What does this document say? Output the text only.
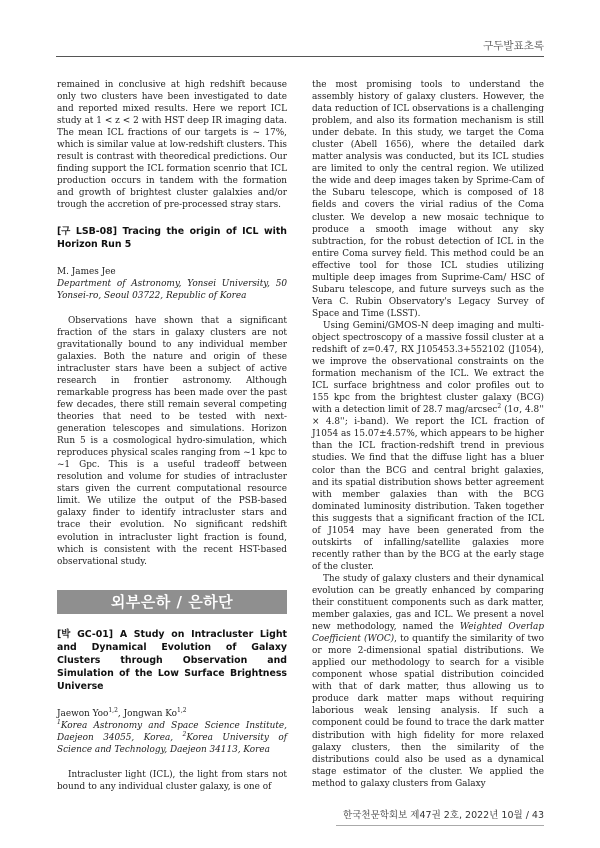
구두발표초록

remained in conclusive at high redshift because only two clusters have been investigated to date and reported mixed results. Here we report ICL study at 1 < z < 2 with HST deep IR imaging data. The mean ICL fractions of our targets is ~ 17%, which is similar value at low-redshift clusters. This result is contrast with theoredical predictions. Our finding support the ICL formation scenrio that ICL production occurs in tandem with the formation and growth of brightest cluster galalxies and/or trough the accretion of pre-processed stray stars.

[구 LSB-08] Tracing the origin of ICL with Horizon Run 5

M. James Jee

Department of Astronomy, Yonsei University, 50 Yonsei-ro, Seoul 03722, Republic of Korea

Observations have shown that a significant fraction of the stars in galaxy clusters are not gravitationally bound to any individual member galaxies. Both the nature and origin of these intracluster stars have been a subject of active research in frontier astronomy. Although remarkable progress has been made over the past few decades, there still remain several competing theories that need to be tested with next-generation telescopes and simulations. Horizon Run 5 is a cosmological hydro-simulation, which reproduces physical scales ranging from ~1 kpc to ~1 Gpc. This is a useful tradeoff between resolution and volume for studies of intracluster stars given the current computational resource limit. We utilize the output of the PSB-based galaxy finder to identify intracluster stars and trace their evolution. No significant redshift evolution in intracluster light fraction is found, which is consistent with the recent HST-based observational study.

외부은하 / 은하단

[박 GC-01] A Study on Intracluster Light and Dynamical Evolution of Galaxy Clusters through Observation and Simulation of the Low Surface Brightness Universe

Jaewon Yoo$^{1,2}$, Jongwan Ko$^{1,2}$

$^1$Korea Astronomy and Space Science Institute, Daejeon 34055, Korea, $^2$Korea University of Science and Technology, Daejeon 34113, Korea

Intracluster light (ICL), the light from stars not bound to any individual cluster galaxy, is one of

the most promising tools to understand the assembly history of galaxy clusters. However, the data reduction of ICL observations is a challenging problem, and also its formation mechanism is still under debate. In this study, we target the Coma cluster (Abell 1656), where the detailed dark matter analysis was conducted, but its ICL studies are limited to only the central region. We utilized the wide and deep images taken by Sprime-Cam of the Subaru telescope, which is composed of 18 fields and covers the virial radius of the Coma cluster. We develop a new mosaic technique to produce a smooth image without any sky subtraction, for the robust detection of ICL in the entire Coma survey field. This method could be an effective tool for those ICL studies utilizing multiple deep images from Suprime-Cam/ HSC of Subaru telescope, and future surveys such as the Vera C. Rubin Observatory's Legacy Survey of Space and Time (LSST).

Using Gemini/GMOS-N deep imaging and multi-object spectroscopy of a massive fossil cluster at a redshift of z=0.47, RX J105453.3+552102 (J1054), we improve the observational constraints on the formation mechanism of the ICL. We extract the ICL surface brightness and color profiles out to 155 kpc from the brightest cluster galaxy (BCG) with a detection limit of 28.7 mag/arcsec$^2$ (1σ, 4.8'' × 4.8''; i-band). We report the ICL fraction of J1054 as 15.07±4.57%, which appears to be higher than the ICL fraction-redshift trend in previous studies. We find that the diffuse light has a bluer color than the BCG and central bright galaxies, and its spatial distribution shows better agreement with member galaxies than with the BCG dominated luminosity distribution. Taken together this suggests that a significant fraction of the ICL of J1054 may have been generated from the outskirts of infalling/satellite galaxies more recently rather than by the BCG at the early stage of the cluster.

The study of galaxy clusters and their dynamical evolution can be greatly enhanced by comparing their constituent components such as dark matter, member galaxies, gas and ICL. We present a novel new methodology, named the Weighted Overlap Coefficient (WOC), to quantify the similarity of two or more 2-dimensional spatial distributions. We applied our methodology to search for a visible component whose spatial distribution coincided with that of dark matter, thus allowing us to produce dark matter maps without requiring laborious weak lensing analysis. If such a component could be found to trace the dark matter distribution with high fidelity for more relaxed galaxy clusters, then the similarity of the distributions could also be used as a dynamical stage estimator of the cluster. We applied the method to galaxy clusters from Galaxy

한국천문학회보 제47권 2호, 2022년 10월 / 43
